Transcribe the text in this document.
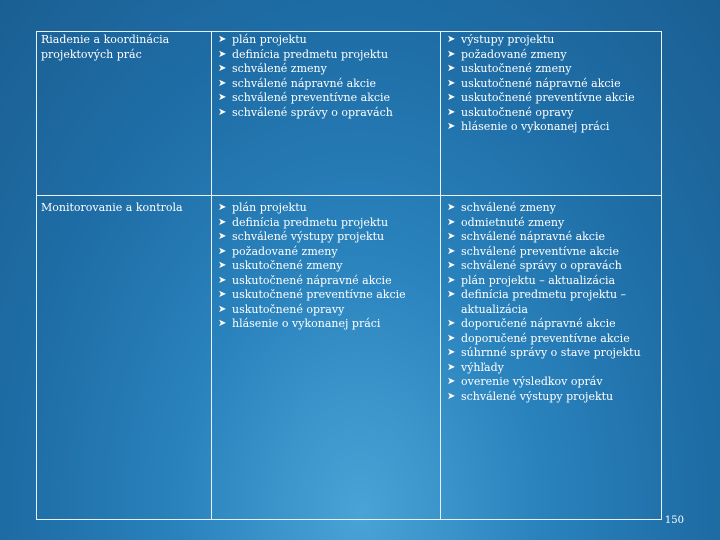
Riadenie a koordinácia projektových prác
➤ plán projektu
➤ definícia predmetu projektu
➤ schválené zmeny
➤ schválené nápravné akcie
➤ schválené preventívne akcie
➤ schválené správy o opravách
➤ výstupy projektu
➤ požadované zmeny
➤ uskutočnené zmeny
➤ uskutočnené nápravné akcie
➤ uskutočnené preventívne akcie
➤ uskutočnené opravy
➤ hlásenie o vykonanej práci
Monitorovanie a kontrola	➤ plán projektu
➤ definícia predmetu projektu
➤ schválené výstupy projektu
➤ požadované zmeny
➤ uskutočnené zmeny
➤ uskutočnené nápravné akcie
➤ uskutočnené preventívne akcie
➤ uskutočnené opravy
➤ hlásenie o vykonanej práci
➤ schválené zmeny
➤ odmietnuté zmeny
➤ schválené nápravné akcie
➤ schválené preventívne akcie
➤ schválené správy o opravách
➤ plán projektu – aktualizácia
➤ definícia predmetu projektu – aktualizácia
➤ doporučené nápravné akcie
➤ doporučené preventívne akcie
➤ súhrnné správy o stave projektu
➤ výhľady
➤ overenie výsledkov opráv
➤ schválené výstupy projektu
150
